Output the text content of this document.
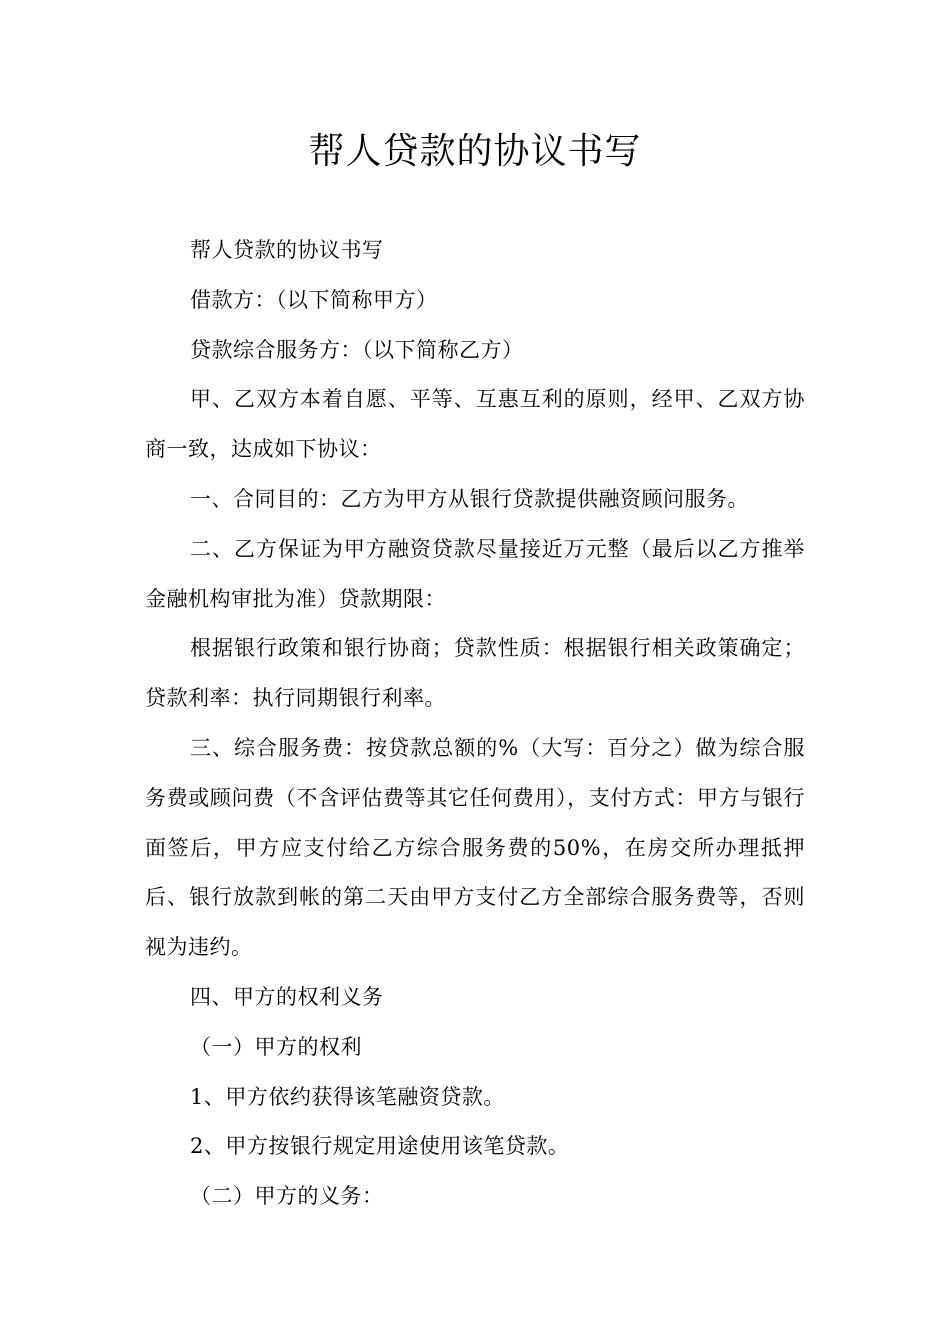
帮人贷款的协议书写

帮人贷款的协议书写

借款方：（以下简称甲方）

贷款综合服务方：（以下简称乙方）

甲、乙双方本着自愿、平等、互惠互利的原则，经甲、乙双方协商一致，达成如下协议：

一、合同目的：乙方为甲方从银行贷款提供融资顾问服务。

二、乙方保证为甲方融资贷款尽量接近万元整（最后以乙方推举金融机构审批为准）贷款期限：

根据银行政策和银行协商；贷款性质：根据银行相关政策确定；贷款利率：执行同期银行利率。

三、综合服务费：按贷款总额的%（大写：百分之）做为综合服务费或顾问费（不含评估费等其它任何费用），支付方式：甲方与银行面签后，甲方应支付给乙方综合服务费的50%，在房交所办理抵押后、银行放款到帐的第二天由甲方支付乙方全部综合服务费等，否则视为违约。

四、甲方的权利义务

（一）甲方的权利

1、甲方依约获得该笔融资贷款。

2、甲方按银行规定用途使用该笔贷款。

（二）甲方的义务：
